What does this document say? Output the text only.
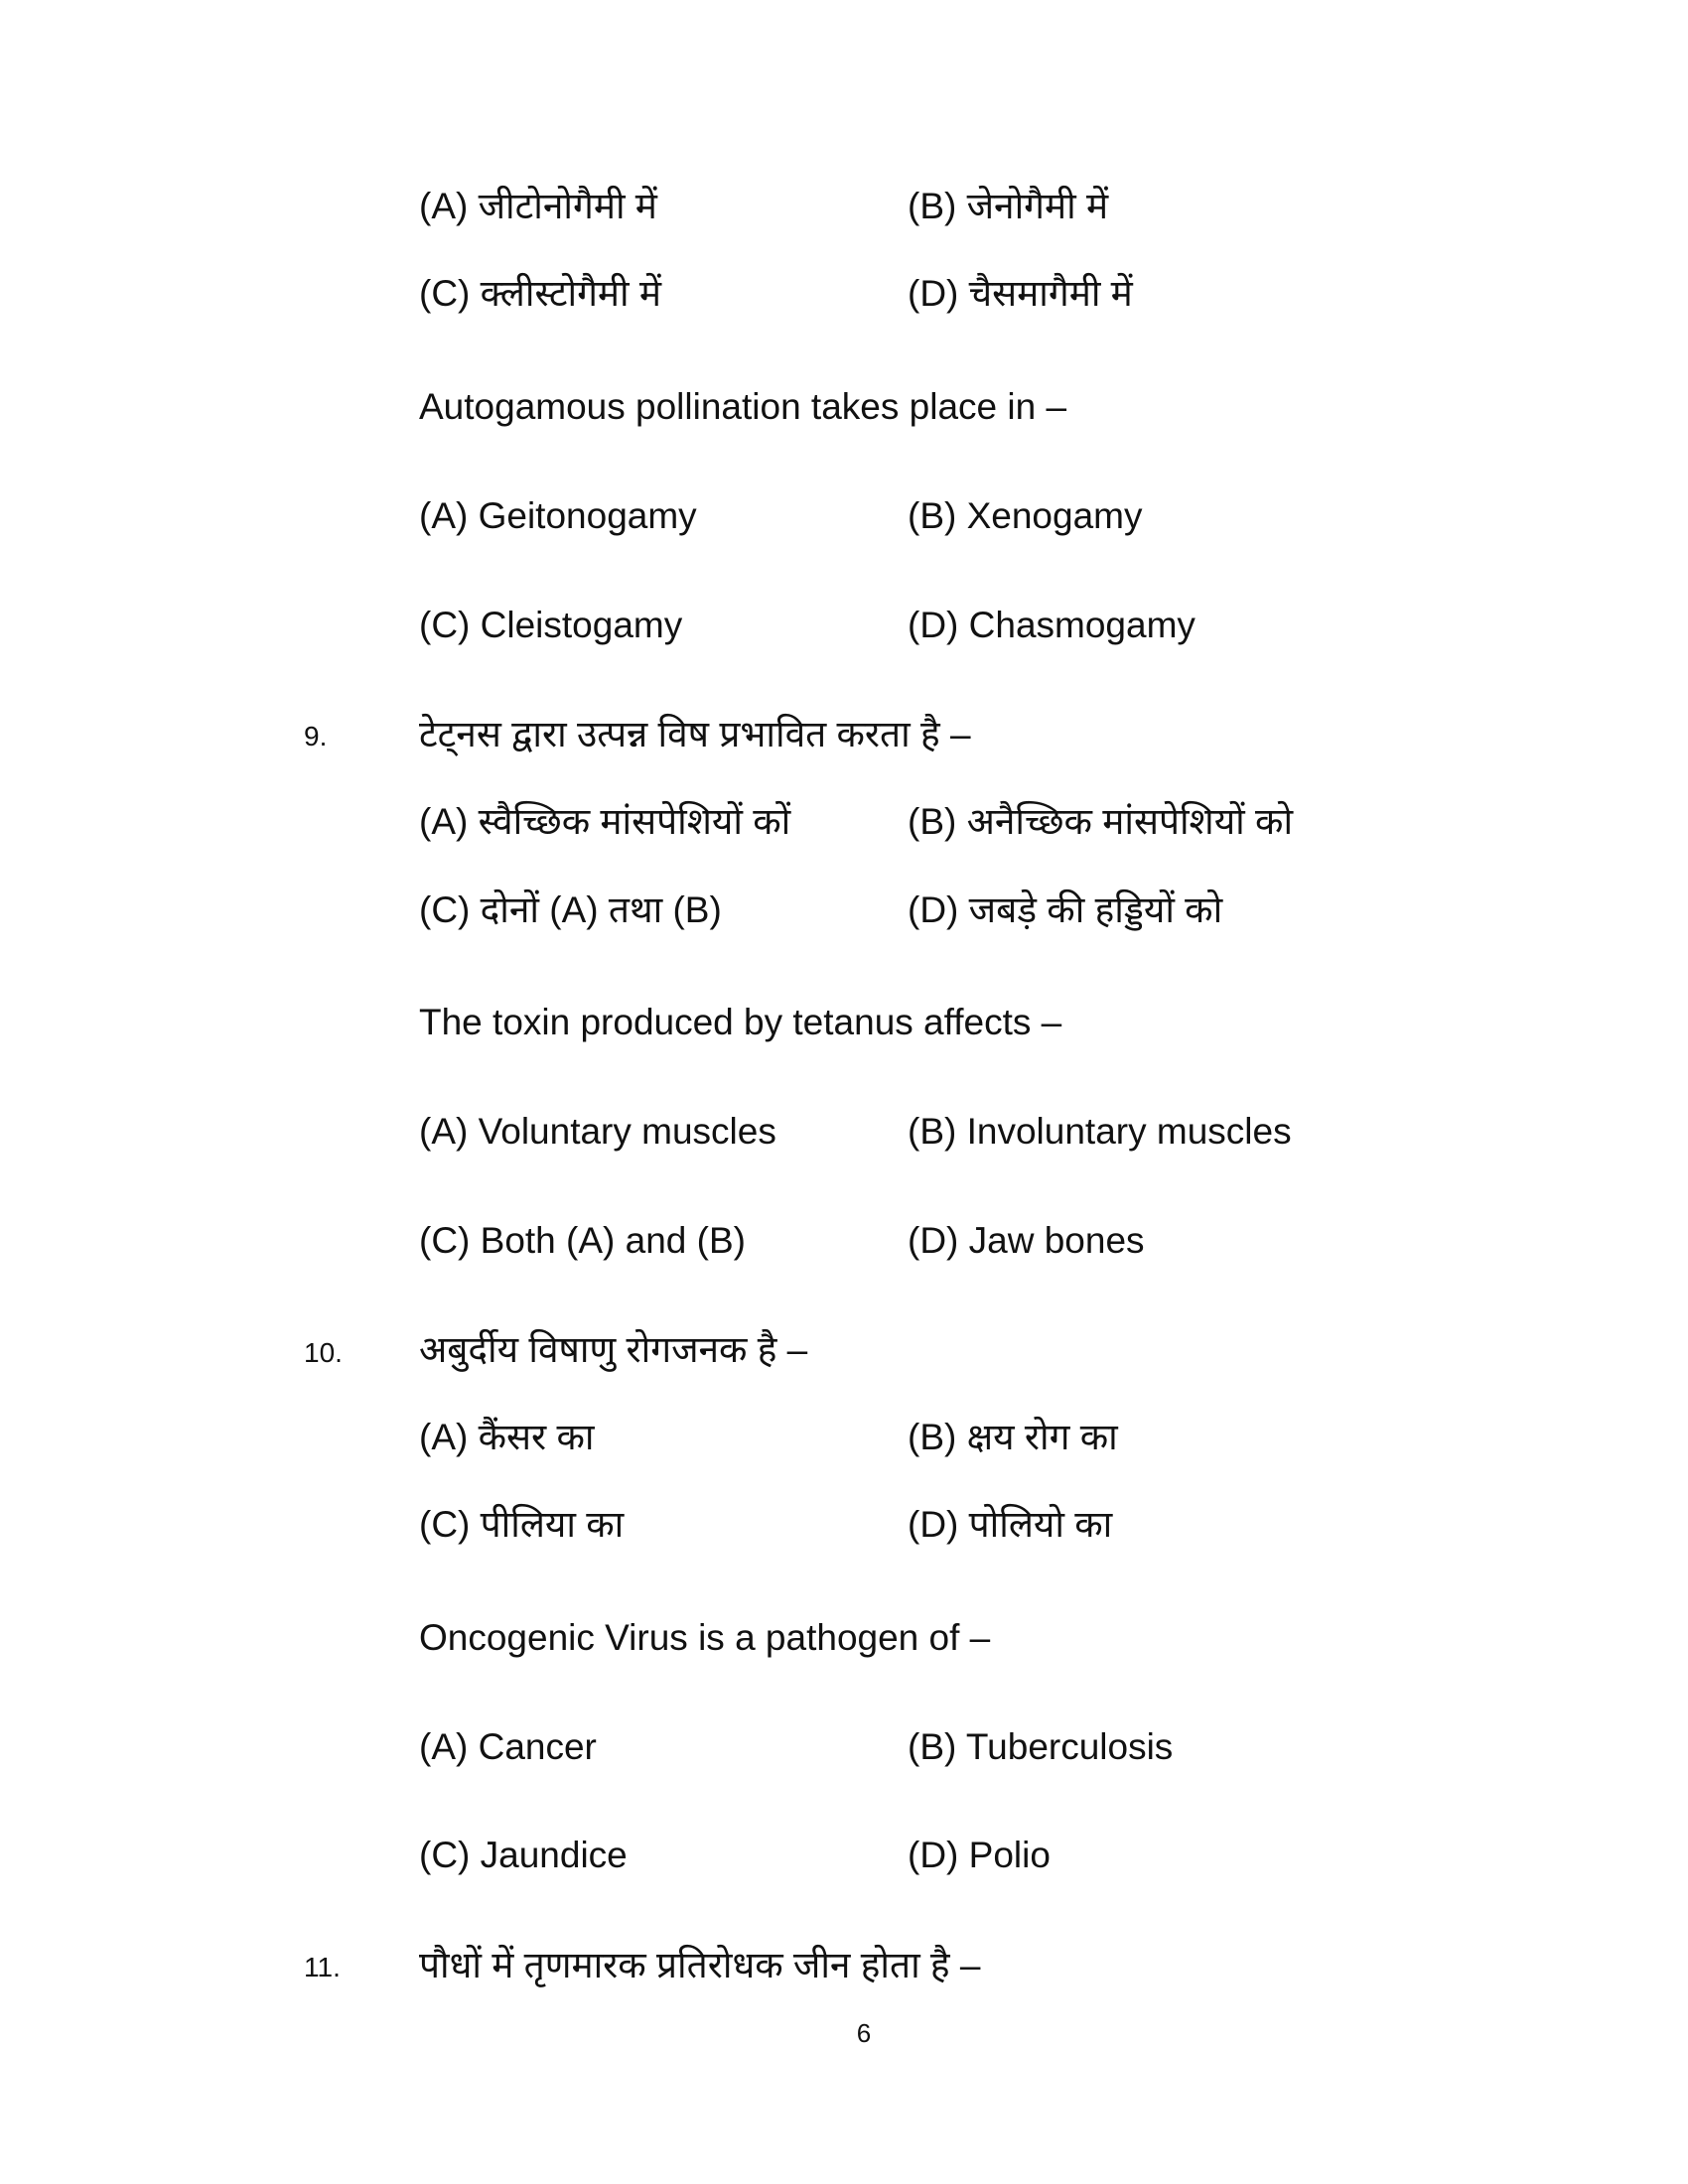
(A) जीटोनोगैमी में	(B) जेनोगैमी में
(C) क्लीस्टोगैमी में	(D) चैसमागैमी में
Autogamous pollination takes place in –
(A) Geitonogamy	(B) Xenogamy
(C) Cleistogamy	(D) Chasmogamy
9.	टेट्नस द्वारा उत्पन्न विष प्रभावित करता है –
(A) स्वैच्छिक मांसपेशियों कों	(B) अनैच्छिक मांसपेशियों को
(C) दोनों (A) तथा (B)	(D) जबड़े की हड्डियों को
The toxin produced by tetanus affects –
(A) Voluntary muscles	(B) Involuntary muscles
(C) Both (A) and (B)	(D) Jaw bones
10. अबुर्दीय विषाणु रोगजनक है –
(A) कैंसर का	(B) क्षय रोग का
(C) पीलिया का	(D) पोलियो का
Oncogenic Virus is a pathogen of –
(A) Cancer	(B) Tuberculosis
(C) Jaundice	(D) Polio
11. पौधों में तृणमारक प्रतिरोधक जीन होता है –
6
